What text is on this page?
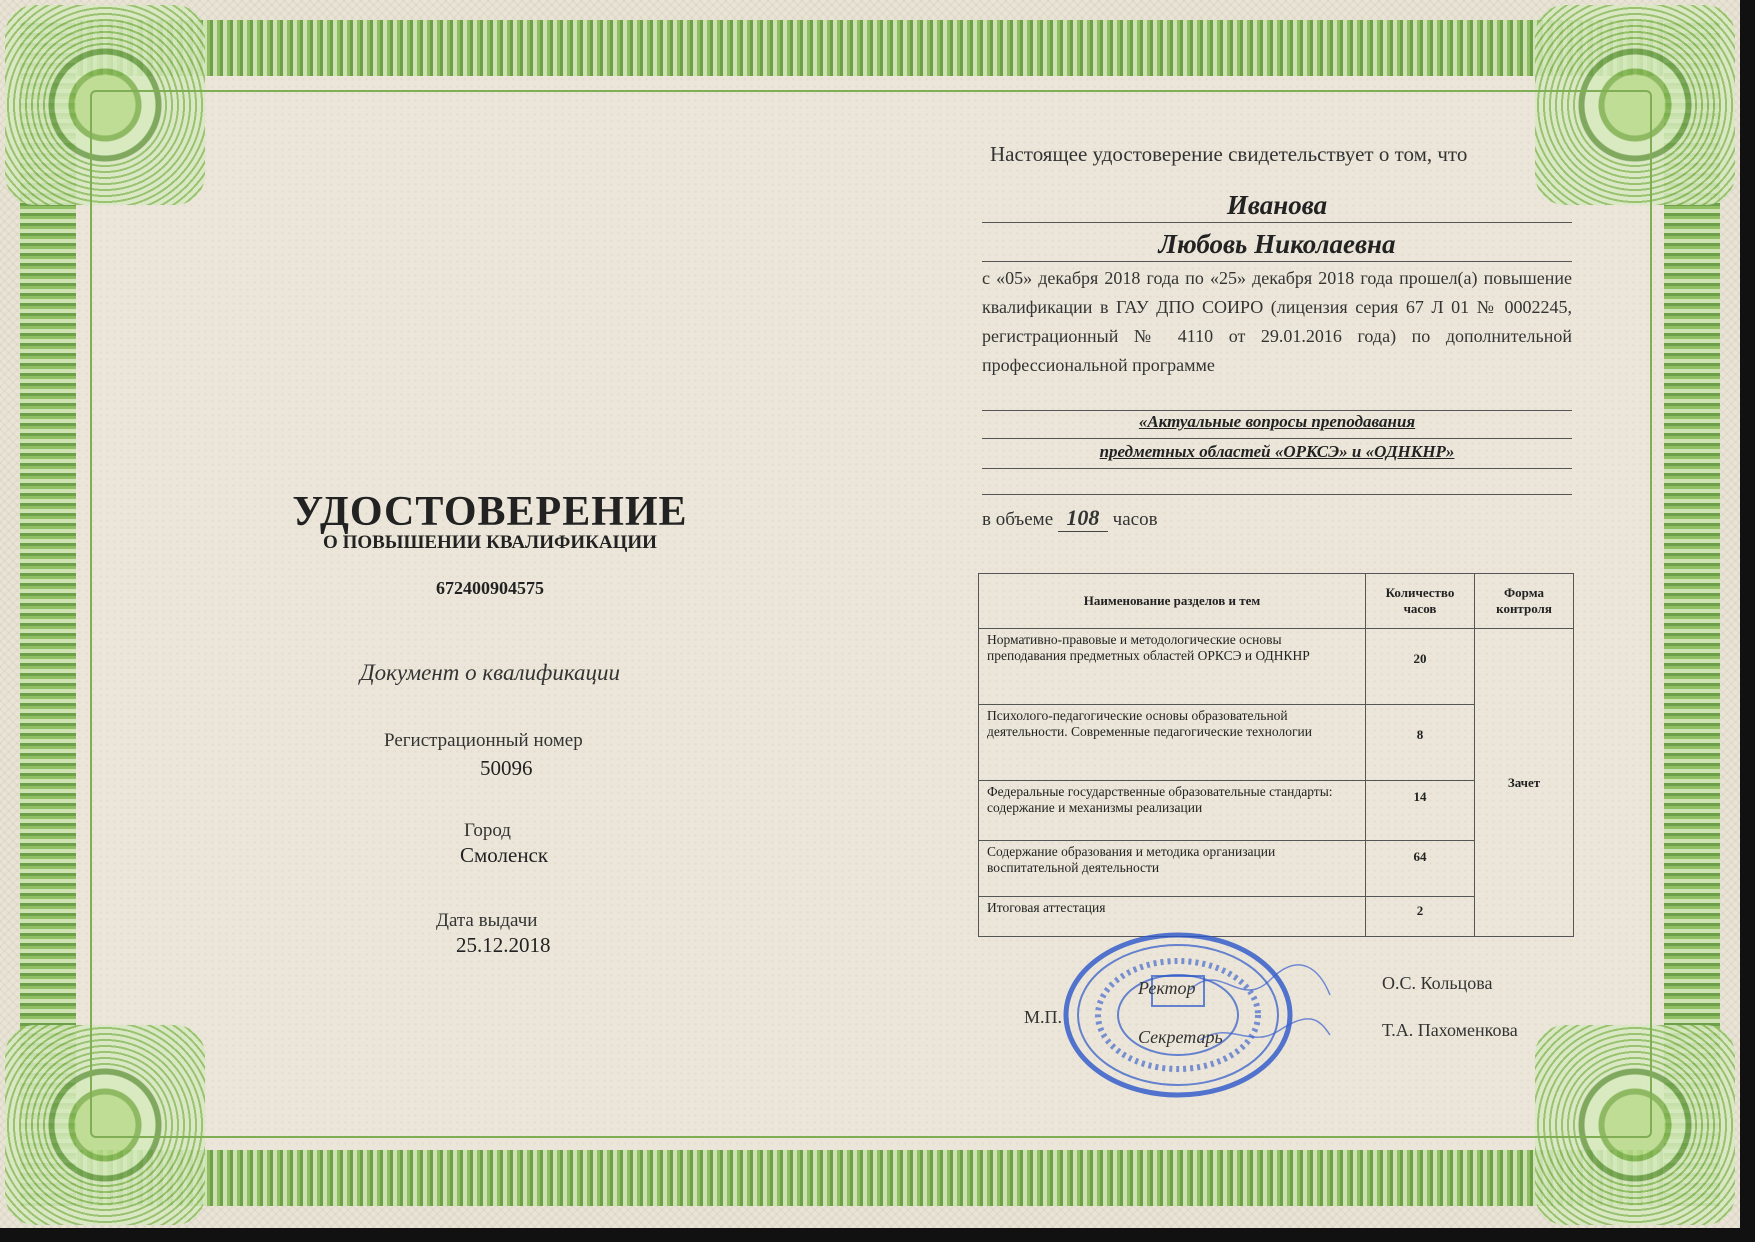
УДОСТОВЕРЕНИЕ
О ПОВЫШЕНИИ КВАЛИФИКАЦИИ
672400904575
Документ о квалификации
Регистрационный номер
50096
Город
Смоленск
Дата выдачи
25.12.2018
Настоящее удостоверение свидетельствует о том, что
Иванова
Любовь Николаевна
с «05» декабря 2018 года по «25» декабря 2018 года прошел(а) повышение квалификации в ГАУ ДПО СОИРО (лицензия серия 67 Л 01 № 0002245, регистрационный № 4110 от 29.01.2016 года) по дополнительной профессиональной программе
«Актуальные вопросы преподавания
предметных областей «ОРКСЭ» и «ОДНКНР»
в объеме 108 часов
Наименование разделов и тем	Количество часов	Форма контроля
Нормативно-правовые и методологические основы преподавания предметных областей ОРКСЭ и ОДНКНР	20	Зачет
Психолого-педагогические основы образовательной деятельности. Современные педагогические технологии	8	
Федеральные государственные образовательные стандарты: содержание и механизмы реализации	14	
Содержание образования и методика организации воспитательной деятельности	64	
Итоговая аттестация	2	
М.П.
Ректор	О.С. Кольцова
Секретарь	Т.А. Пахоменкова
